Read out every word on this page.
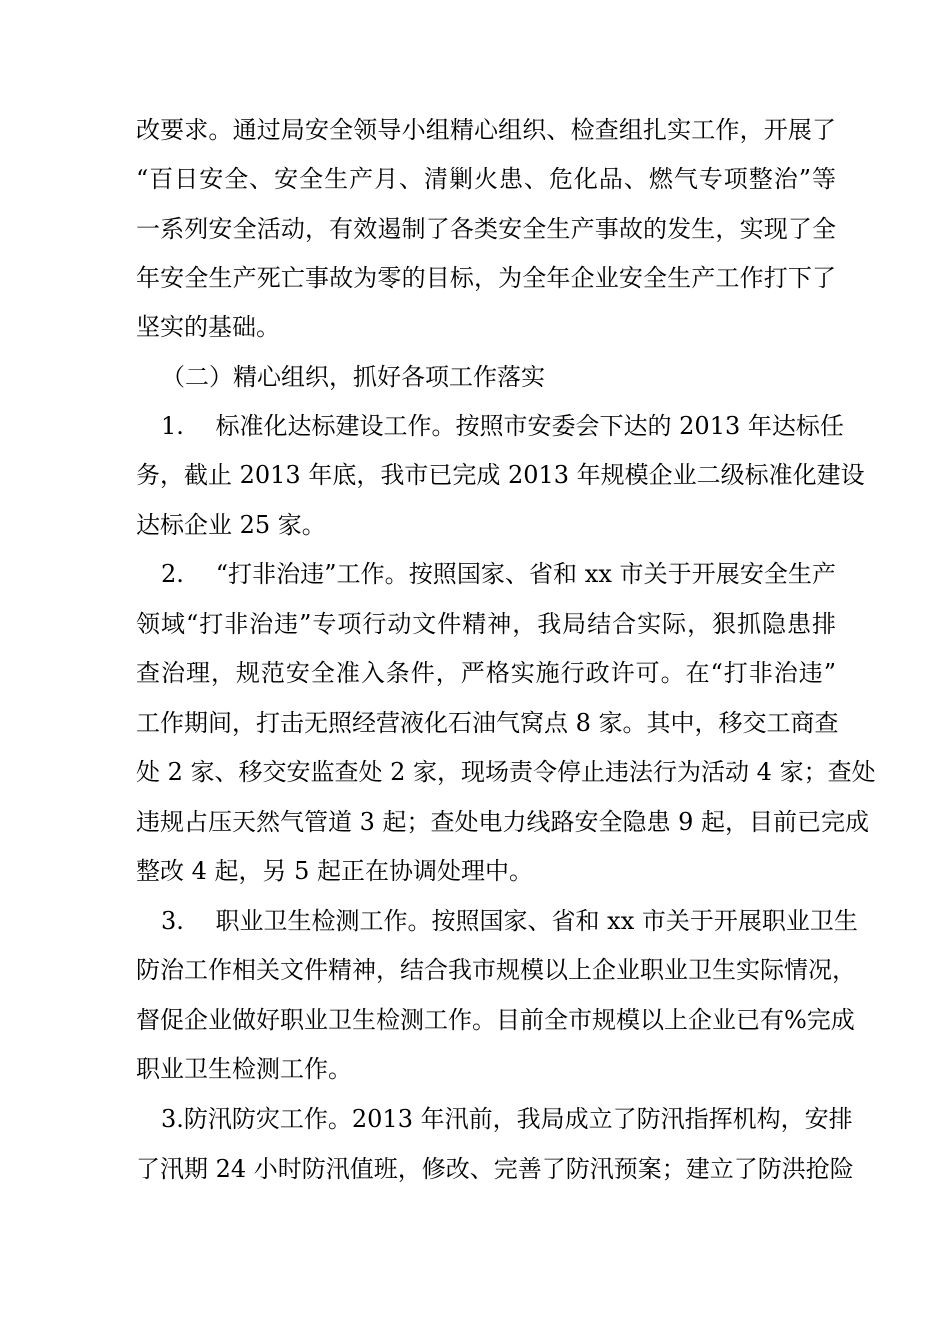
改要求。通过局安全领导小组精心组织、检查组扎实工作，开展了
“百日安全、安全生产月、清剿火患、危化品、燃气专项整治”等
一系列安全活动，有效遏制了各类安全生产事故的发生，实现了全
年安全生产死亡事故为零的目标，为全年企业安全生产工作打下了
坚实的基础。
（二）精心组织，抓好各项工作落实
1.　 标准化达标建设工作。按照市安委会下达的 2013 年达标任
务，截止 2013 年底，我市已完成 2013 年规模企业二级标准化建设
达标企业 25 家。
2.　 “打非治违”工作。按照国家、省和 xx 市关于开展安全生产
领域“打非治违”专项行动文件精神，我局结合实际，狠抓隐患排
查治理，规范安全准入条件，严格实施行政许可。在“打非治违”
工作期间，打击无照经营液化石油气窝点 8 家。其中，移交工商查
处 2 家、移交安监查处 2 家，现场责令停止违法行为活动 4 家；查处
违规占压天然气管道 3 起；查处电力线路安全隐患 9 起，目前已完成
整改 4 起，另 5 起正在协调处理中。
3.　 职业卫生检测工作。按照国家、省和 xx 市关于开展职业卫生
防治工作相关文件精神，结合我市规模以上企业职业卫生实际情况，
督促企业做好职业卫生检测工作。目前全市规模以上企业已有%完成
职业卫生检测工作。
3.防汛防灾工作。2013 年汛前，我局成立了防汛指挥机构，安排
了汛期 24 小时防汛值班，修改、完善了防汛预案；建立了防洪抢险
